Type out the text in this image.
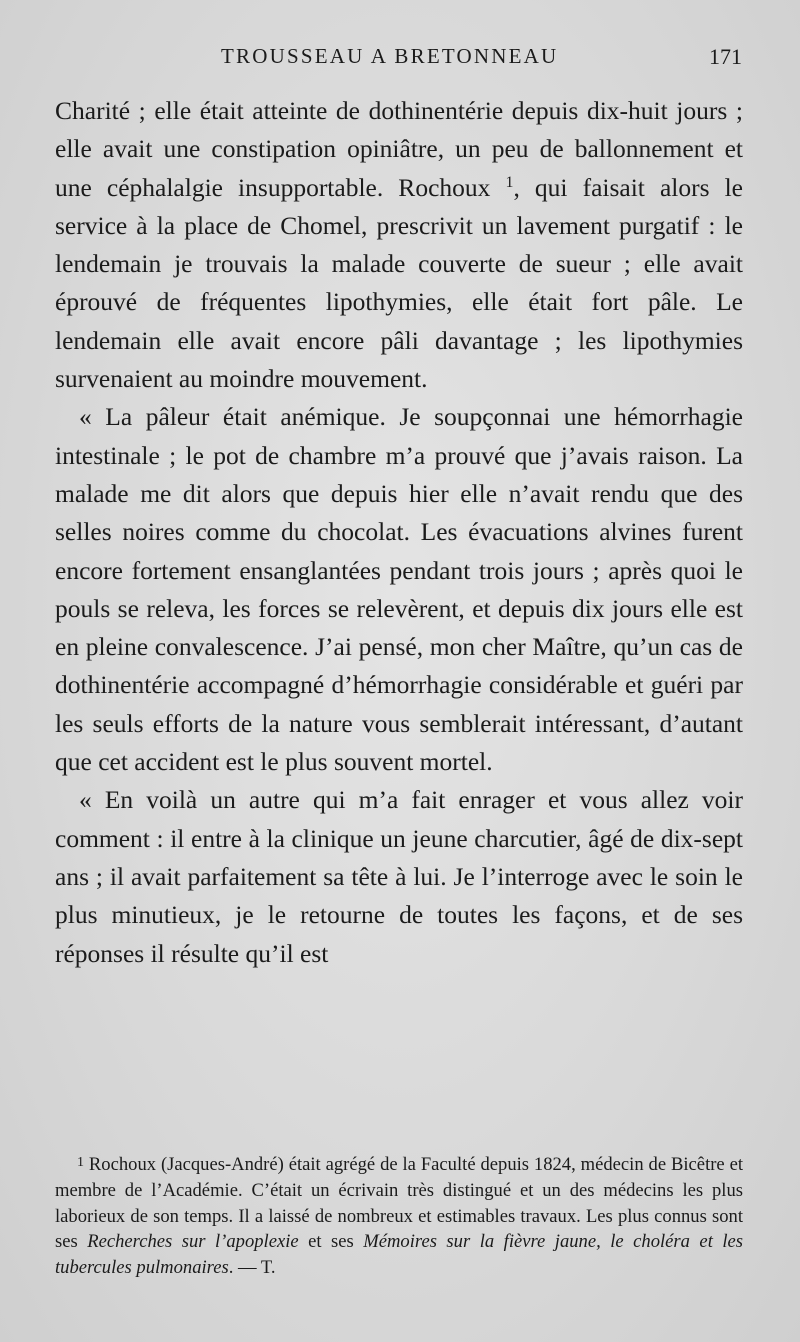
TROUSSEAU A BRETONNEAU	171

Charité ; elle était atteinte de dothinentérie depuis dix-huit jours ; elle avait une constipation opiniâtre, un peu de ballonnement et une céphalalgie insupportable. Rochoux $^1$, qui faisait alors le service à la place de Chomel, prescrivit un lavement purgatif : le lendemain je trouvais la malade couverte de sueur ; elle avait éprouvé de fréquentes lipothymies, elle était fort pâle. Le lendemain elle avait encore pâli davantage ; les lipothymies survenaient au moindre mouvement.

« La pâleur était anémique. Je soupçonnai une hémorrhagie intestinale ; le pot de chambre m’a prouvé que j’avais raison. La malade me dit alors que depuis hier elle n’avait rendu que des selles noires comme du chocolat. Les évacuations alvines furent encore fortement ensanglantées pendant trois jours ; après quoi le pouls se releva, les forces se relevèrent, et depuis dix jours elle est en pleine convalescence. J’ai pensé, mon cher Maître, qu’un cas de dothinentérie accompagné d’hémorrhagie considérable et guéri par les seuls efforts de la nature vous semblerait intéressant, d’autant que cet accident est le plus souvent mortel.

« En voilà un autre qui m’a fait enrager et vous allez voir comment : il entre à la clinique un jeune charcutier, âgé de dix-sept ans ; il avait parfaitement sa tête à lui. Je l’interroge avec le soin le plus minutieux, je le retourne de toutes les façons, et de ses réponses il résulte qu’il est

$^1$ Rochoux (Jacques-André) était agrégé de la Faculté depuis 1824, médecin de Bicêtre et membre de l’Académie. C’était un écrivain très distingué et un des médecins les plus laborieux de son temps. Il a laissé de nombreux et estimables travaux. Les plus connus sont ses Recherches sur l’apoplexie et ses Mémoires sur la fièvre jaune, le choléra et les tubercules pulmonaires. — T.
